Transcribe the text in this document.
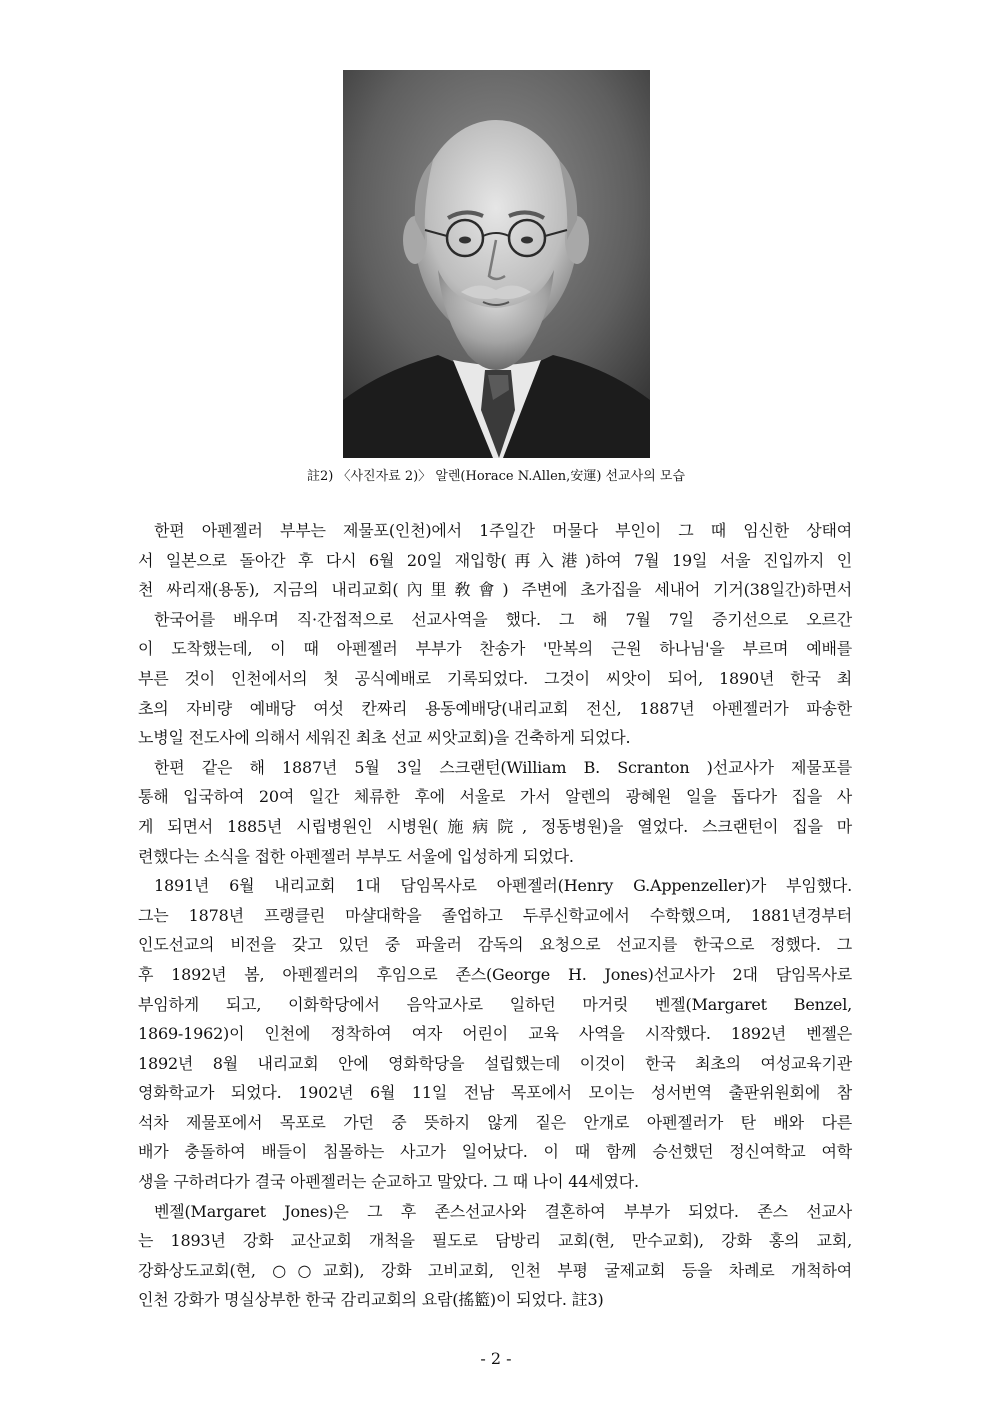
註2) 〈사진자료 2)〉 알렌(Horace N.Allen,安運) 선교사의 모습
한편 아펜젤러 부부는 제물포(인천)에서 1주일간 머물다 부인이 그 때 임신한 상태여
서 일본으로 돌아간 후 다시 6월 20일 재입항(再入港)하여 7월 19일 서울 진입까지 인
천 싸리재(용동), 지금의 내리교회(內里敎會) 주변에 초가집을 세내어 기거(38일간)하면서
한국어를 배우며 직·간접적으로 선교사역을 했다. 그 해 7월 7일 증기선으로 오르간
이 도착했는데, 이 때 아펜젤러 부부가 찬송가 '만복의 근원 하나님'을 부르며 예배를
부른 것이 인천에서의 첫 공식예배로 기록되었다. 그것이 씨앗이 되어, 1890년 한국 최
초의 자비량 예배당 여섯 칸짜리 용동예배당(내리교회 전신, 1887년 아펜젤러가 파송한
노병일 전도사에 의해서 세워진 최초 선교 씨앗교회)을 건축하게 되었다.
한편 같은 해 1887년 5월 3일 스크랜턴(William B. Scranton )선교사가 제물포를
통해 입국하여 20여 일간 체류한 후에 서울로 가서 알렌의 광혜원 일을 돕다가 집을 사
게 되면서 1885년 시립병원인 시병원(施病院, 정동병원)을 열었다. 스크랜턴이 집을 마
련했다는 소식을 접한 아펜젤러 부부도 서울에 입성하게 되었다.
1891년 6월 내리교회 1대 담임목사로 아펜젤러(Henry G.Appenzeller)가 부임했다.
그는 1878년 프랭클린 마샬대학을 졸업하고 두루신학교에서 수학했으며, 1881년경부터
인도선교의 비전을 갖고 있던 중 파울러 감독의 요청으로 선교지를 한국으로 정했다. 그
후 1892년 봄, 아펜젤러의 후임으로 존스(George H. Jones)선교사가 2대 담임목사로
부임하게 되고, 이화학당에서 음악교사로 일하던 마거릿 벤젤(Margaret Benzel,
1869-1962)이 인천에 정착하여 여자 어린이 교육 사역을 시작했다. 1892년 벤젤은
1892년 8월 내리교회 안에 영화학당을 설립했는데 이것이 한국 최초의 여성교육기관
영화학교가 되었다. 1902년 6월 11일 전남 목포에서 모이는 성서번역 출판위원회에 참
석차 제물포에서 목포로 가던 중 뜻하지 않게 짙은 안개로 아펜젤러가 탄 배와 다른
배가 충돌하여 배들이 침몰하는 사고가 일어났다. 이 때 함께 승선했던 정신여학교 여학
생을 구하려다가 결국 아펜젤러는 순교하고 말았다. 그 때 나이 44세였다.
벤젤(Margaret Jones)은 그 후 존스선교사와 결혼하여 부부가 되었다. 존스 선교사
는 1893년 강화 교산교회 개척을 필도로 담방리 교회(현, 만수교회), 강화 홍의 교회,
강화상도교회(현, ○○교회), 강화 고비교회, 인천 부평 굴제교회 등을 차례로 개척하여
인천 강화가 명실상부한 한국 감리교회의 요람(搖籃)이 되었다. 註3)
- 2 -
